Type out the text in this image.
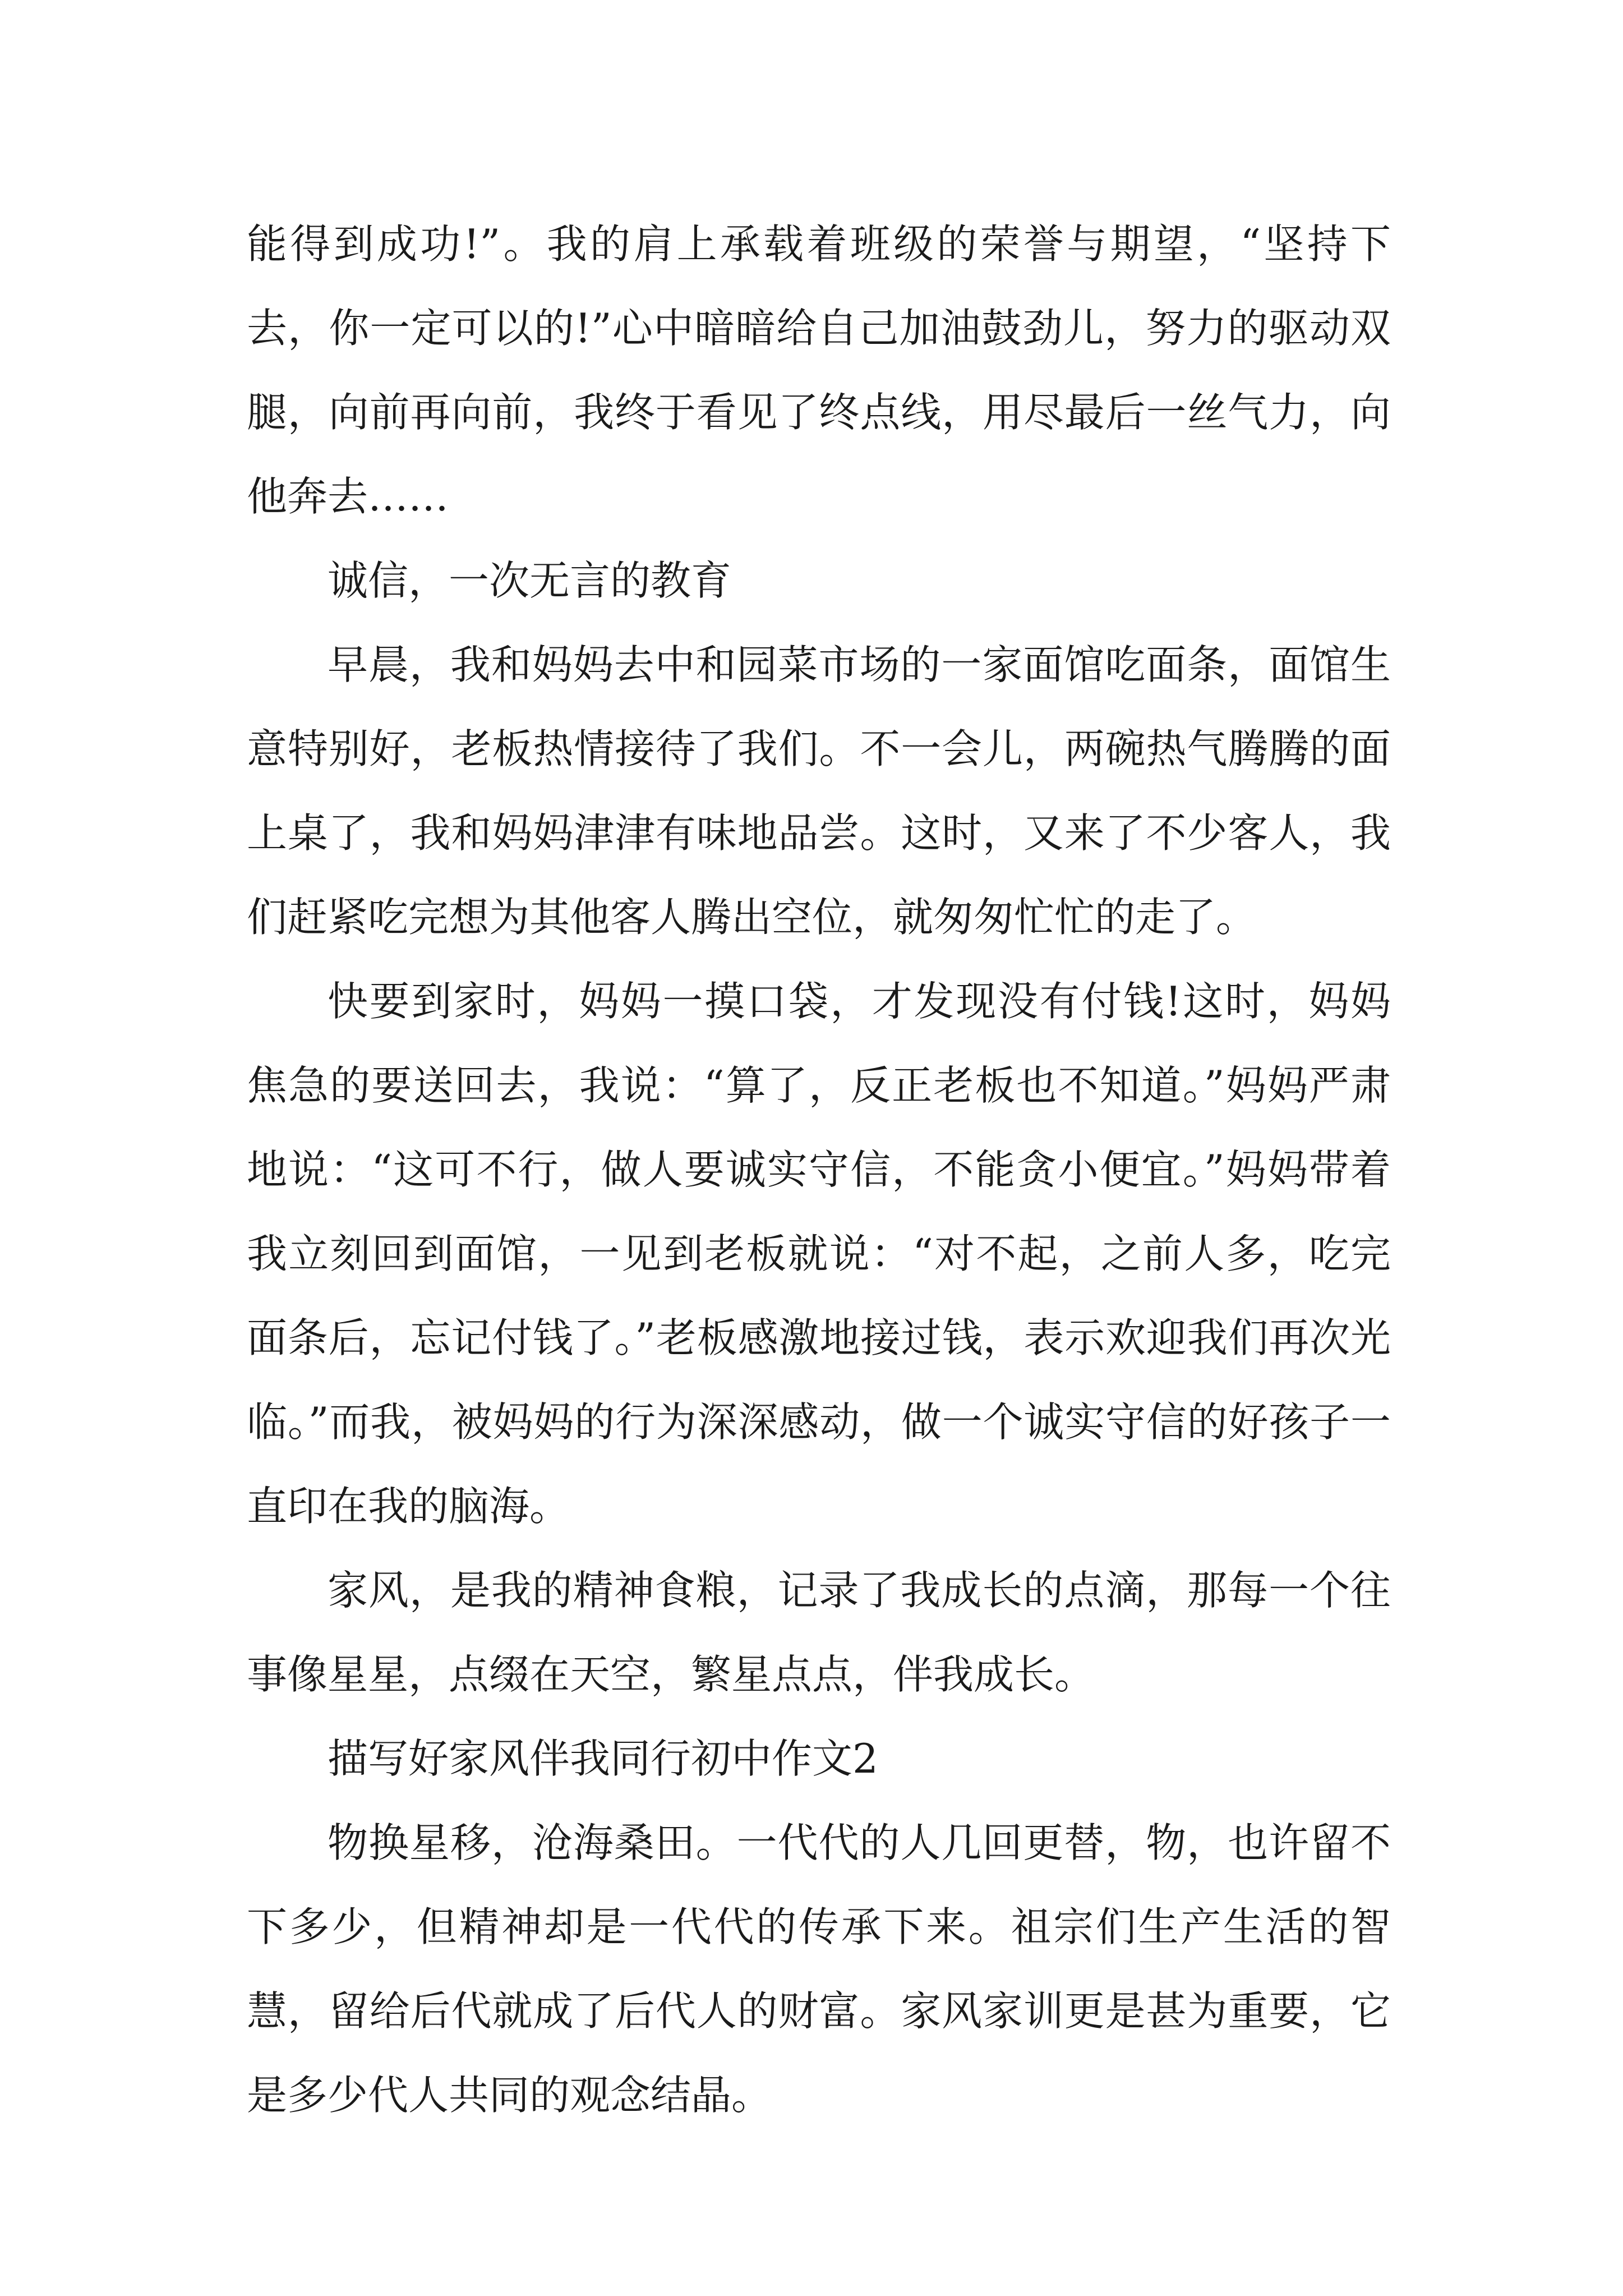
能得到成功!”。我的肩上承载着班级的荣誉与期望，“坚持下去，你一定可以的!”心中暗暗给自己加油鼓劲儿，努力的驱动双腿，向前再向前，我终于看见了终点线，用尽最后一丝气力，向他奔去……

诚信，一次无言的教育

早晨，我和妈妈去中和园菜市场的一家面馆吃面条，面馆生意特别好，老板热情接待了我们。不一会儿，两碗热气腾腾的面上桌了，我和妈妈津津有味地品尝。这时，又来了不少客人，我们赶紧吃完想为其他客人腾出空位，就匆匆忙忙的走了。

快要到家时，妈妈一摸口袋，才发现没有付钱!这时，妈妈焦急的要送回去，我说：“算了，反正老板也不知道。”妈妈严肃地说：“这可不行，做人要诚实守信，不能贪小便宜。”妈妈带着我立刻回到面馆，一见到老板就说：“对不起，之前人多，吃完面条后，忘记付钱了。”老板感激地接过钱，表示欢迎我们再次光临。”而我，被妈妈的行为深深感动，做一个诚实守信的好孩子一直印在我的脑海。

家风，是我的精神食粮，记录了我成长的点滴，那每一个往事像星星，点缀在天空，繁星点点，伴我成长。

描写好家风伴我同行初中作文2

物换星移，沧海桑田。一代代的人几回更替，物，也许留不下多少，但精神却是一代代的传承下来。祖宗们生产生活的智慧，留给后代就成了后代人的财富。家风家训更是甚为重要，它是多少代人共同的观念结晶。
